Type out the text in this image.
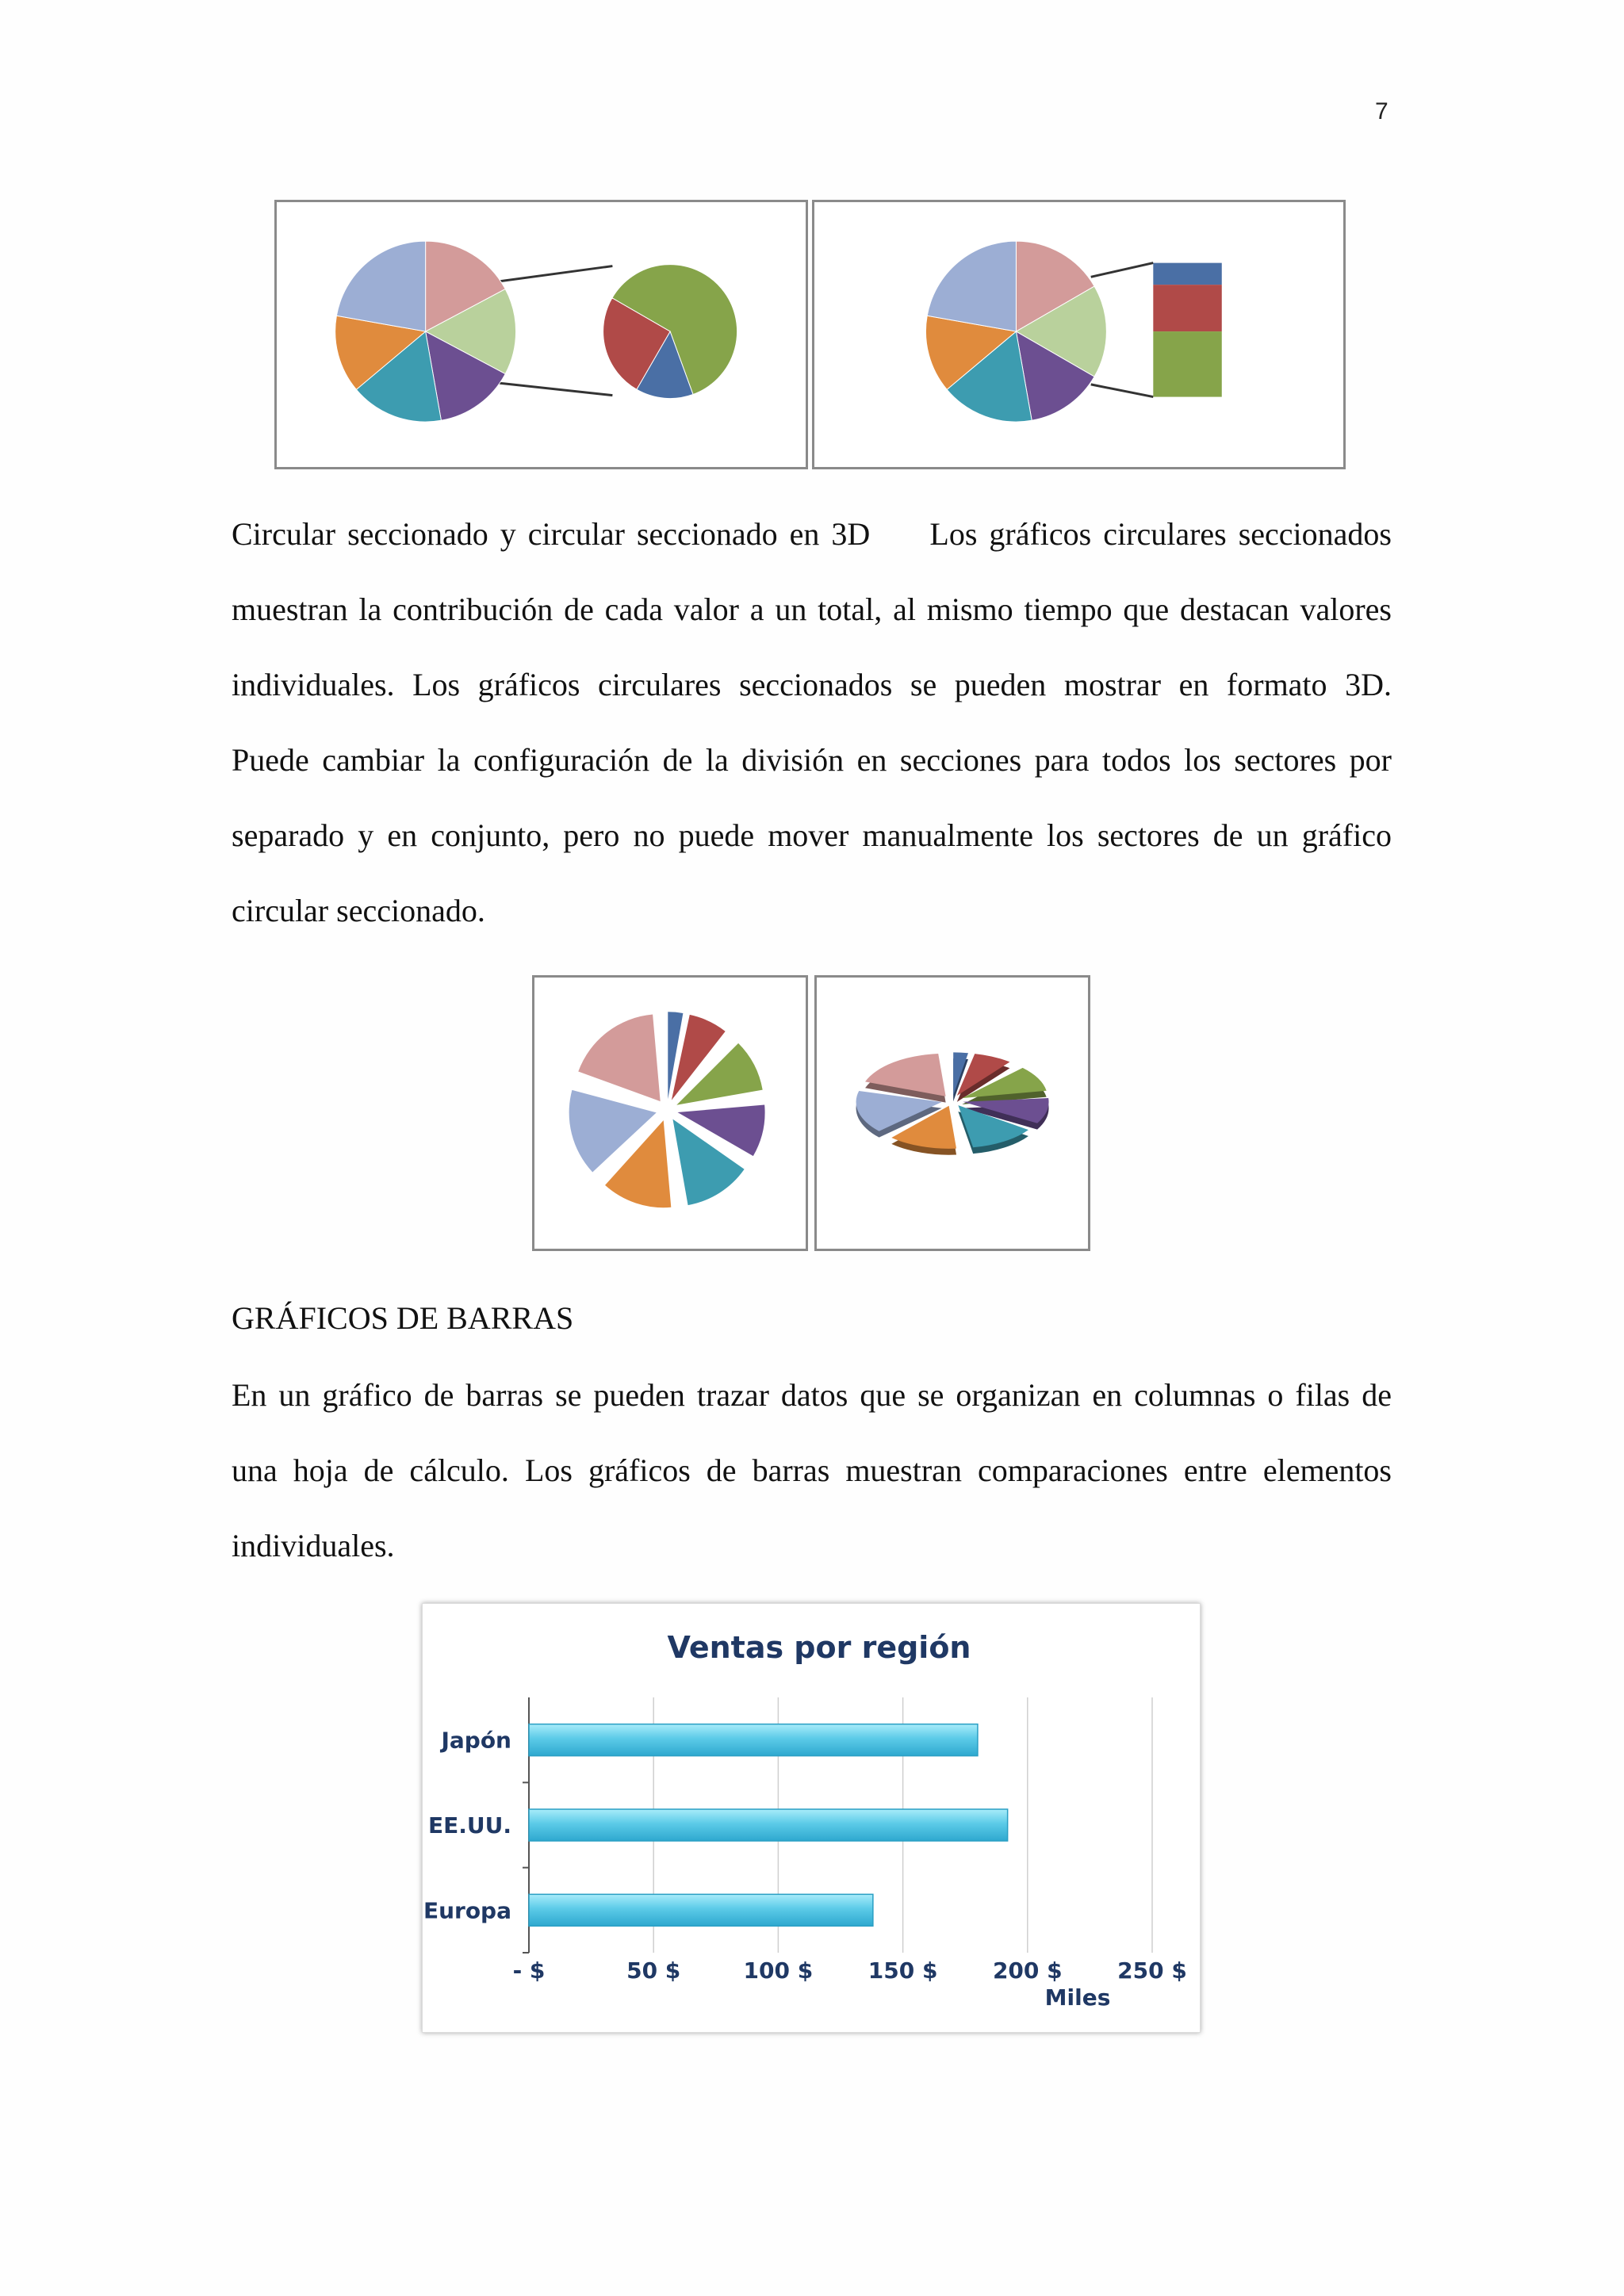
7
Circular seccionado y circular seccionado en 3D     Los gráficos circulares seccionados
muestran la contribución de cada valor a un total, al mismo tiempo que destacan valores
individuales. Los gráficos circulares seccionados se pueden mostrar en formato 3D.
Puede cambiar la configuración de la división en secciones para todos los sectores por
separado y en conjunto, pero no puede mover manualmente los sectores de un gráfico
circular seccionado.
GRÁFICOS DE BARRAS
En un gráfico de barras se pueden trazar datos que se organizan en columnas o filas de
una hoja de cálculo. Los gráficos de barras muestran comparaciones entre elementos
individuales.
Ventas por región
Japón
EE.UU.
Europa
- $	50 $	100 $ 150 $ 200 $ 250 $
Miles
